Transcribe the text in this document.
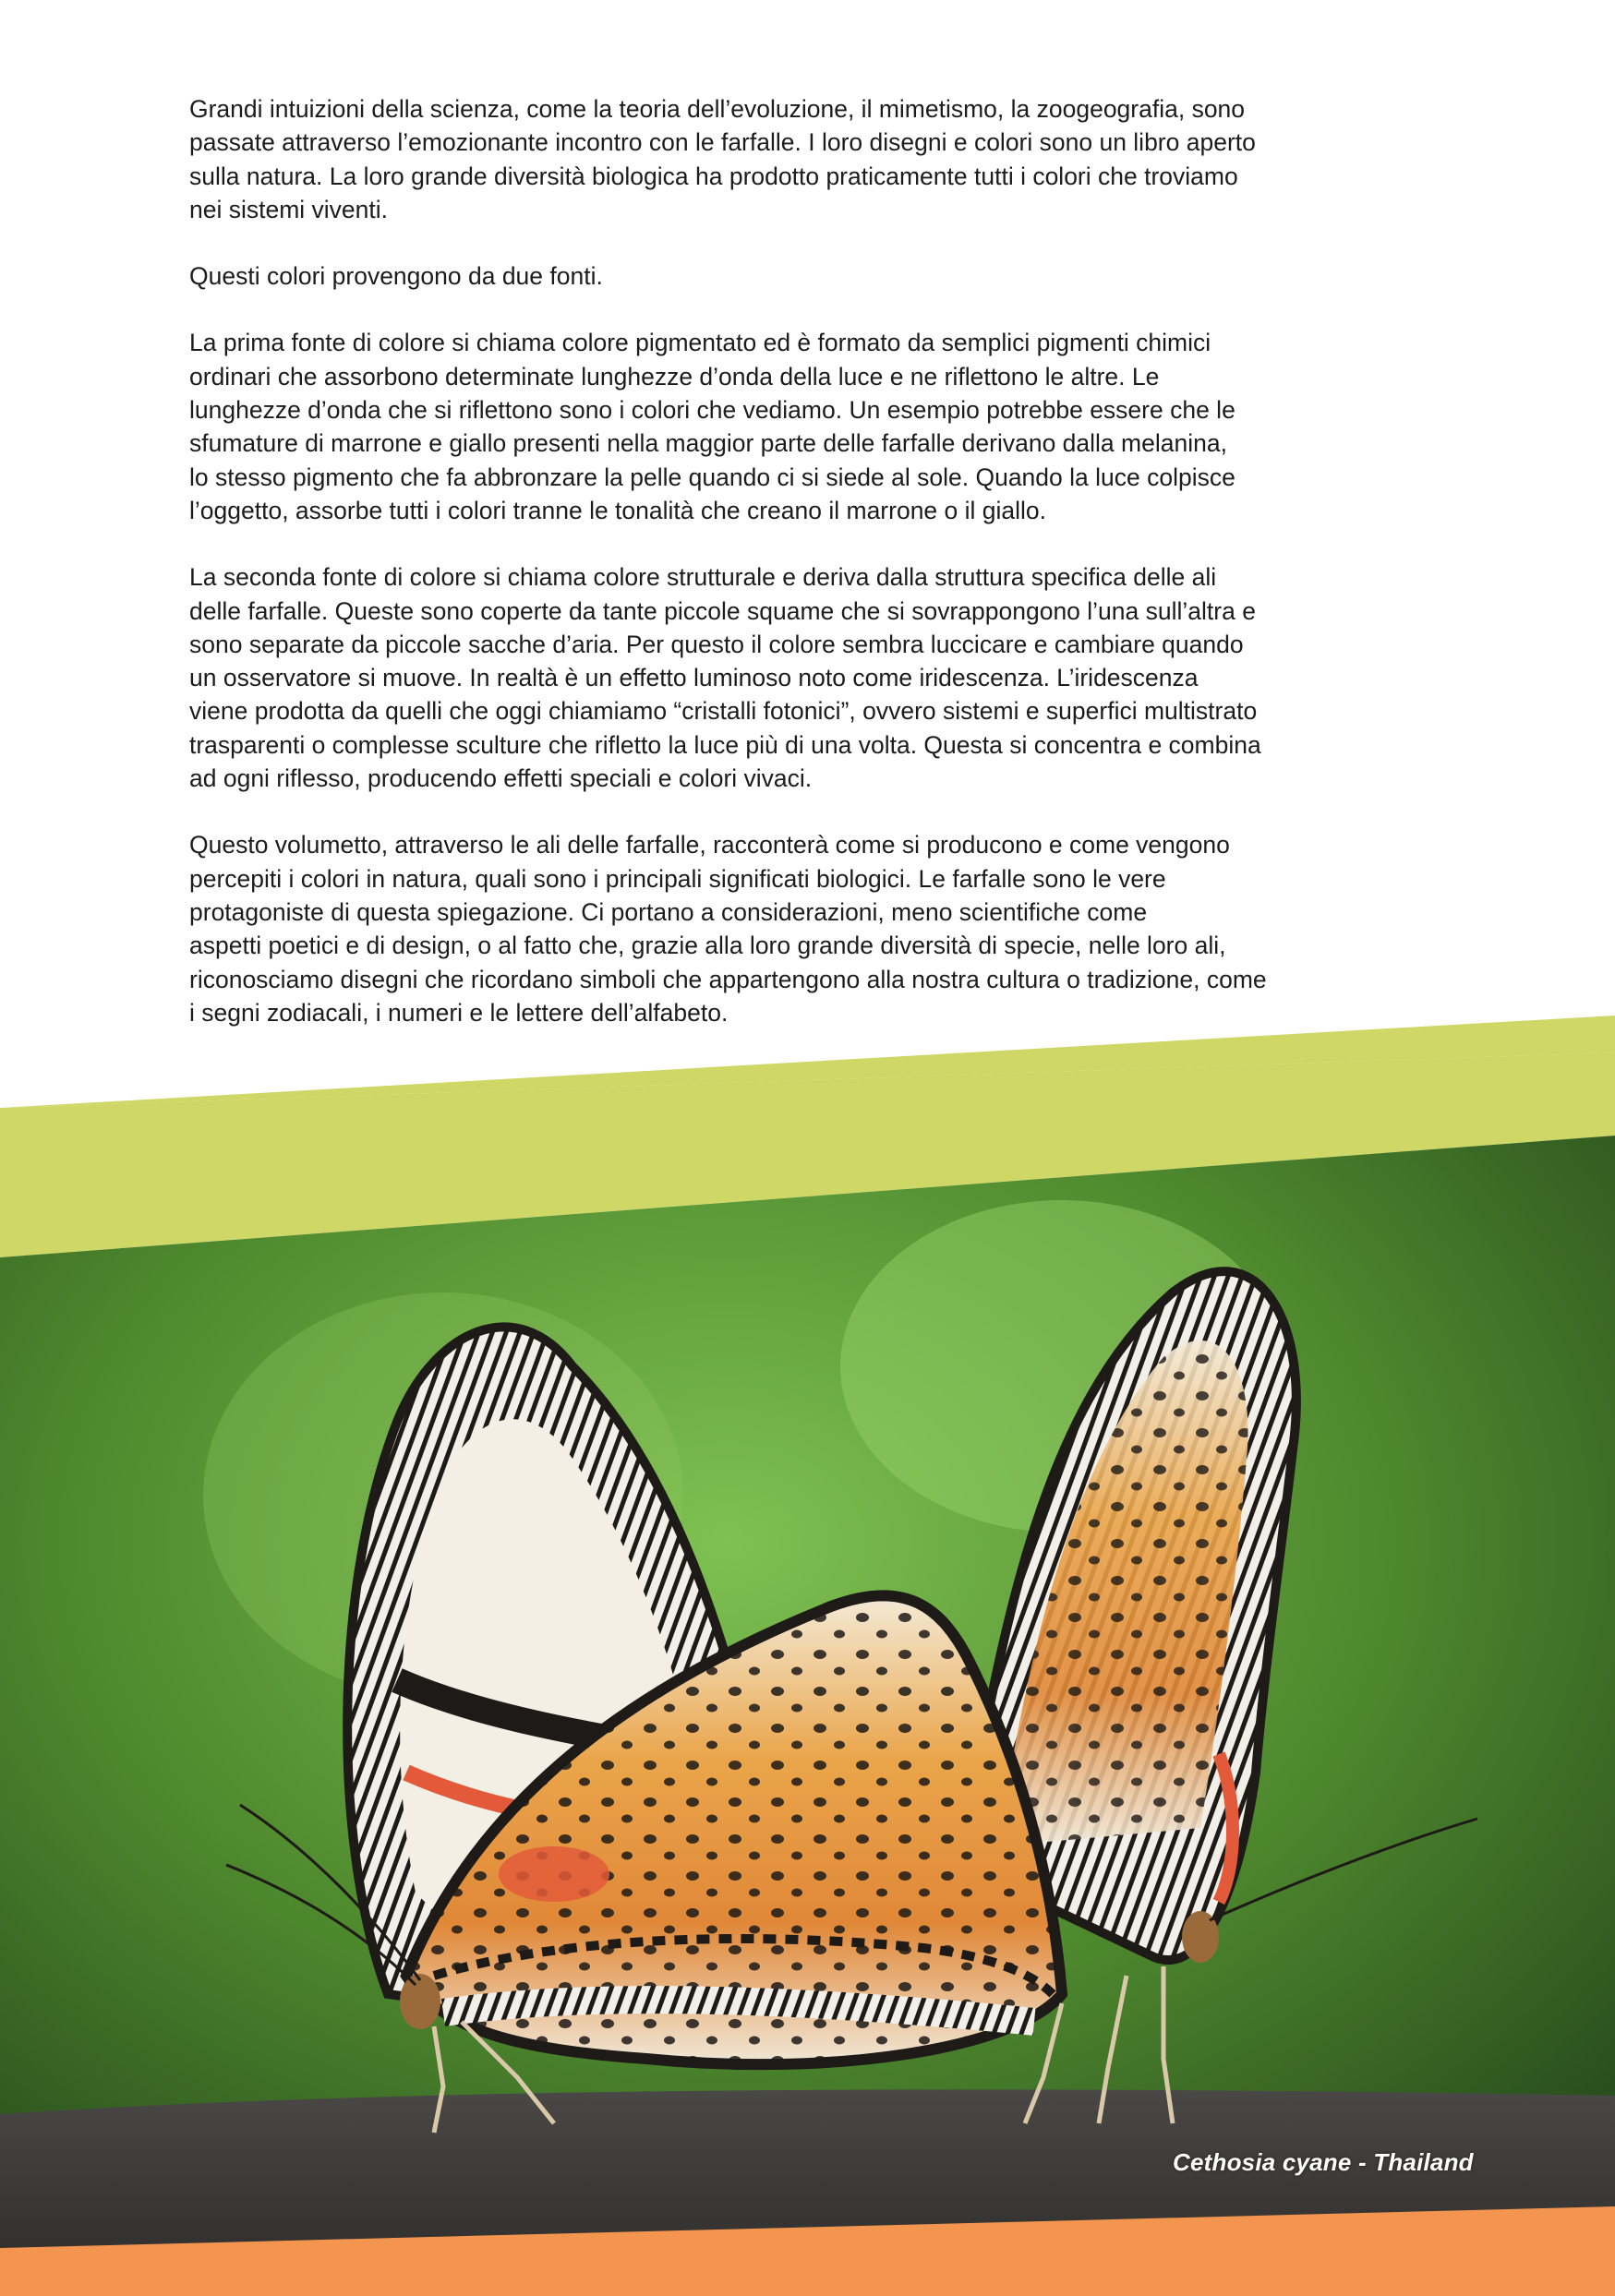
Grandi intuizioni della scienza, come la teoria dell’evoluzione, il mimetismo, la zoogeografia, sono
passate attraverso l’emozionante incontro con le farfalle. I loro disegni e colori sono un libro aperto
sulla natura. La loro grande diversità biologica ha prodotto praticamente tutti i colori che troviamo
nei sistemi viventi.

Questi colori provengono da due fonti.

La prima fonte di colore si chiama colore pigmentato ed è formato da semplici pigmenti chimici
ordinari che assorbono determinate lunghezze d’onda della luce e ne riflettono le altre. Le
lunghezze d’onda che si riflettono sono i colori che vediamo. Un esempio potrebbe essere che le
sfumature di marrone e giallo presenti nella maggior parte delle farfalle derivano dalla melanina,
lo stesso pigmento che fa abbronzare la pelle quando ci si siede al sole. Quando la luce colpisce
l’oggetto, assorbe tutti i colori tranne le tonalità che creano il marrone o il giallo.

La seconda fonte di colore si chiama colore strutturale e deriva dalla struttura specifica delle ali
delle farfalle. Queste sono coperte da tante piccole squame che si sovrappongono l’una sull’altra e
sono separate da piccole sacche d’aria. Per questo il colore sembra luccicare e cambiare quando
un osservatore si muove. In realtà è un effetto luminoso noto come iridescenza. L’iridescenza
viene prodotta da quelli che oggi chiamiamo “cristalli fotonici”, ovvero sistemi e superfici multistrato
trasparenti o complesse sculture che rifletto la luce più di una volta. Questa si concentra e combina
ad ogni riflesso, producendo effetti speciali e colori vivaci.

Questo volumetto, attraverso le ali delle farfalle, racconterà come si producono e come vengono
percepiti i colori in natura, quali sono i principali significati biologici. Le farfalle sono le vere
protagoniste di questa spiegazione. Ci portano a considerazioni, meno scientifiche come
aspetti poetici e di design, o al fatto che, grazie alla loro grande diversità di specie, nelle loro ali,
riconosciamo disegni che ricordano simboli che appartengono alla nostra cultura o tradizione, come
i segni zodiacali, i numeri e le lettere dell’alfabeto.

Cethosia cyane - Thailand
